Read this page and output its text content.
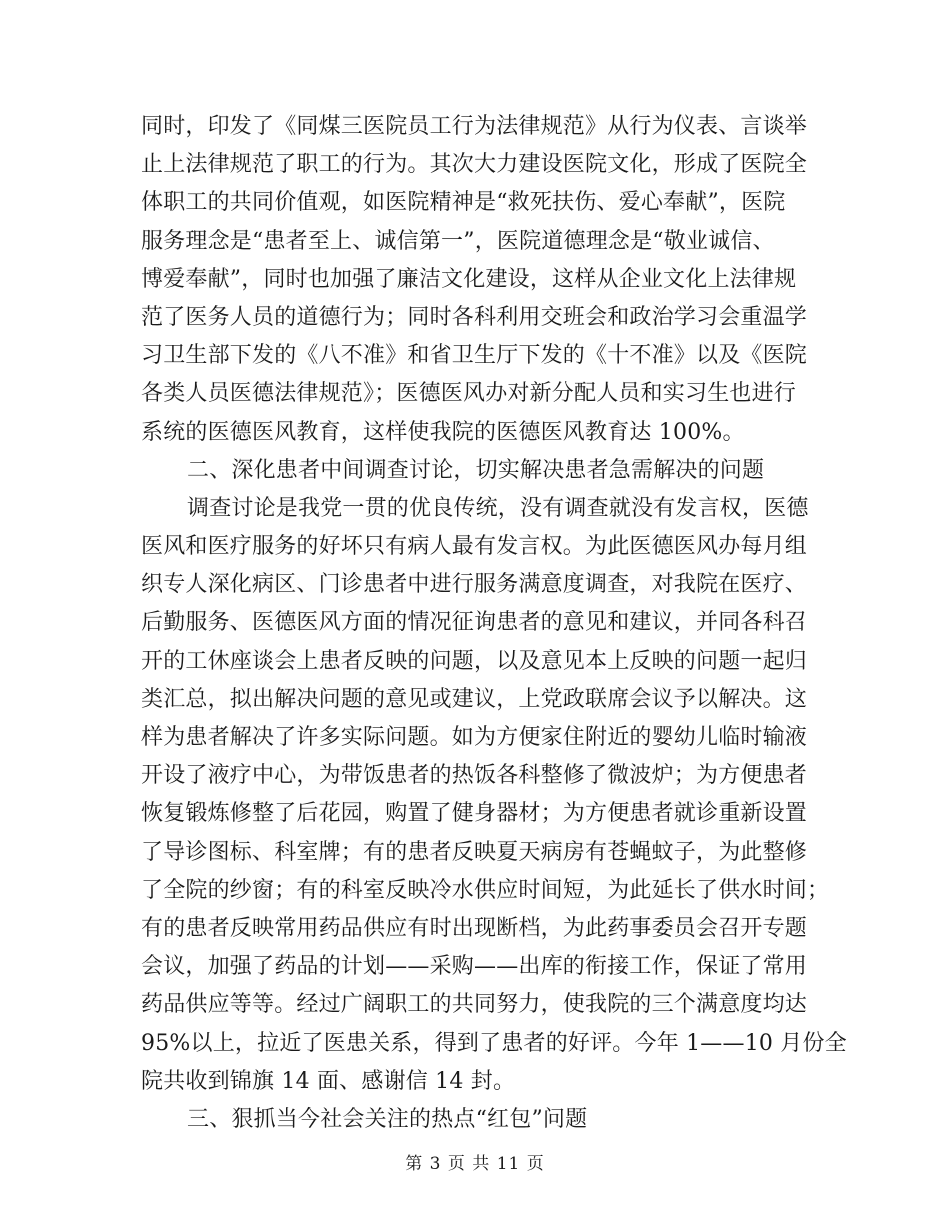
同时，印发了《同煤三医院员工行为法律规范》从行为仪表、言谈举
止上法律规范了职工的行为。其次大力建设医院文化，形成了医院全
体职工的共同价值观，如医院精神是“救死扶伤、爱心奉献”，医院
服务理念是“患者至上、诚信第一”，医院道德理念是“敬业诚信、
博爱奉献”，同时也加强了廉洁文化建设，这样从企业文化上法律规
范了医务人员的道德行为；同时各科利用交班会和政治学习会重温学
习卫生部下发的《八不准》和省卫生厅下发的《十不准》以及《医院
各类人员医德法律规范》；医德医风办对新分配人员和实习生也进行
系统的医德医风教育，这样使我院的医德医风教育达 100%。
二、深化患者中间调查讨论，切实解决患者急需解决的问题
调查讨论是我党一贯的优良传统，没有调查就没有发言权，医德
医风和医疗服务的好坏只有病人最有发言权。为此医德医风办每月组
织专人深化病区、门诊患者中进行服务满意度调查，对我院在医疗、
后勤服务、医德医风方面的情况征询患者的意见和建议，并同各科召
开的工休座谈会上患者反映的问题，以及意见本上反映的问题一起归
类汇总，拟出解决问题的意见或建议，上党政联席会议予以解决。这
样为患者解决了许多实际问题。如为方便家住附近的婴幼儿临时输液
开设了液疗中心，为带饭患者的热饭各科整修了微波炉；为方便患者
恢复锻炼修整了后花园，购置了健身器材；为方便患者就诊重新设置
了导诊图标、科室牌；有的患者反映夏天病房有苍蝇蚊子，为此整修
了全院的纱窗；有的科室反映冷水供应时间短，为此延长了供水时间；
有的患者反映常用药品供应有时出现断档，为此药事委员会召开专题
会议，加强了药品的计划——采购——出库的衔接工作，保证了常用
药品供应等等。经过广阔职工的共同努力，使我院的三个满意度均达
95%以上，拉近了医患关系，得到了患者的好评。今年 1——10 月份全
院共收到锦旗 14 面、感谢信 14 封。
三、狠抓当今社会关注的热点“红包”问题
第 3 页 共 11 页
